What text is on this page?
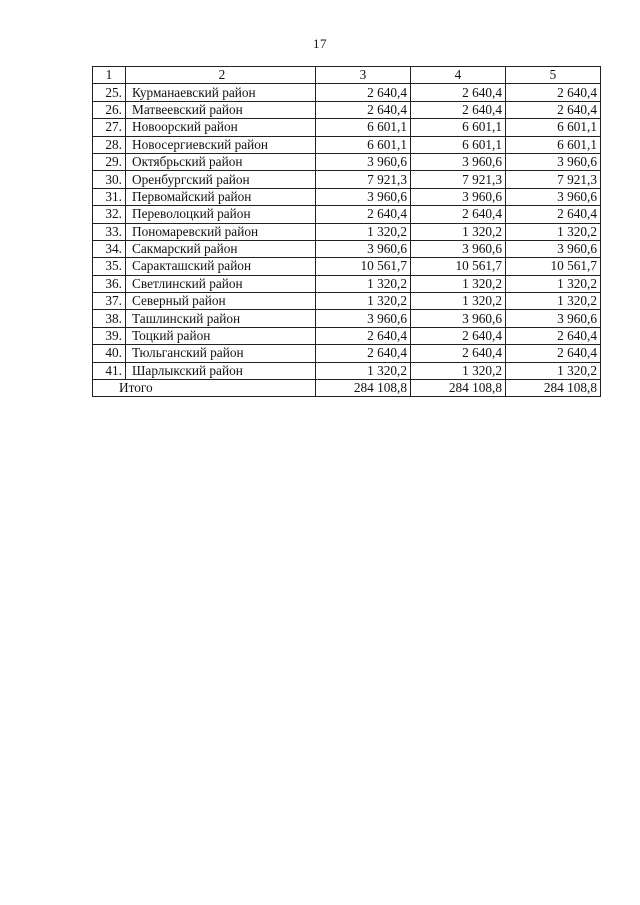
17
1	2	3	4	5
25.	Курманаевский район	2 640,4	2 640,4	2 640,4
26.	Матвеевский район	2 640,4	2 640,4	2 640,4
27.	Новоорский район	6 601,1	6 601,1	6 601,1
28.	Новосергиевский район	6 601,1	6 601,1	6 601,1
29.	Октябрьский район	3 960,6	3 960,6	3 960,6
30.	Оренбургский район	7 921,3	7 921,3	7 921,3
31.	Первомайский район	3 960,6	3 960,6	3 960,6
32.	Переволоцкий район	2 640,4	2 640,4	2 640,4
33.	Пономаревский район	1 320,2	1 320,2	1 320,2
34.	Сакмарский район	3 960,6	3 960,6	3 960,6
35.	Саракташский район	10 561,7	10 561,7	10 561,7
36.	Светлинский район	1 320,2	1 320,2	1 320,2
37.	Северный район	1 320,2	1 320,2	1 320,2
38.	Ташлинский район	3 960,6	3 960,6	3 960,6
39.	Тоцкий район	2 640,4	2 640,4	2 640,4
40.	Тюльганский район	2 640,4	2 640,4	2 640,4
41.	Шарлыкский район	1 320,2	1 320,2	1 320,2
Итого		284 108,8	284 108,8	284 108,8
